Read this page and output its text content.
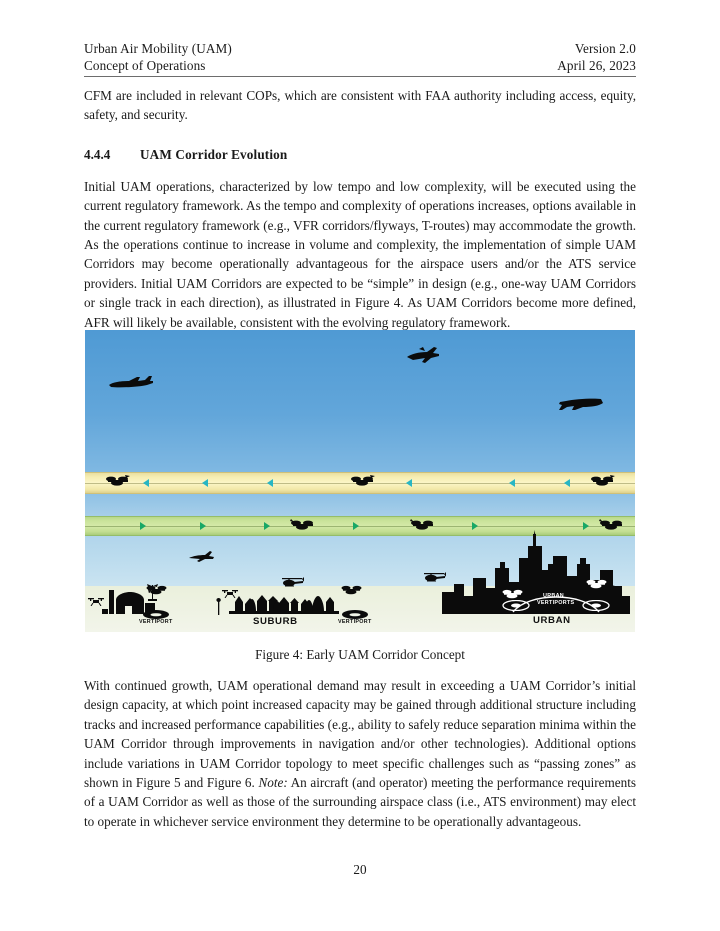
Urban Air Mobility (UAM)	Version 2.0
Concept of Operations	April 26, 2023

CFM are included in relevant COPs, which are consistent with FAA authority including access, equity, safety, and security.

4.4.4	UAM Corridor Evolution

Initial UAM operations, characterized by low tempo and low complexity, will be executed using the current regulatory framework. As the tempo and complexity of operations increases, options available in the current regulatory framework (e.g., VFR corridors/flyways, T-routes) may accommodate the growth. As the operations continue to increase in volume and complexity, the implementation of simple UAM Corridors may become operationally advantageous for the airspace users and/or the ATS service providers. Initial UAM Corridors are expected to be “simple” in design (e.g., one-way UAM Corridors or single track in each direction), as illustrated in Figure 4. As UAM Corridors become more defined, AFR will likely be available, consistent with the evolving regulatory framework.

VERTIPORT	SUBURB	VERTIPORT
URBAN
VERTIPORTS
URBAN
Figure 4: Early UAM Corridor Concept

With continued growth, UAM operational demand may result in exceeding a UAM Corridor’s initial design capacity, at which point increased capacity may be gained through additional structure including tracks and increased performance capabilities (e.g., ability to safely reduce separation minima within the UAM Corridor through improvements in navigation and/or other technologies). Additional options include variations in UAM Corridor topology to meet specific challenges such as “passing zones” as shown in Figure 5 and Figure 6. Note: An aircraft (and operator) meeting the performance requirements of a UAM Corridor as well as those of the surrounding airspace class (i.e., ATS environment) may elect to operate in whichever service environment they determine to be operationally advantageous.

20
